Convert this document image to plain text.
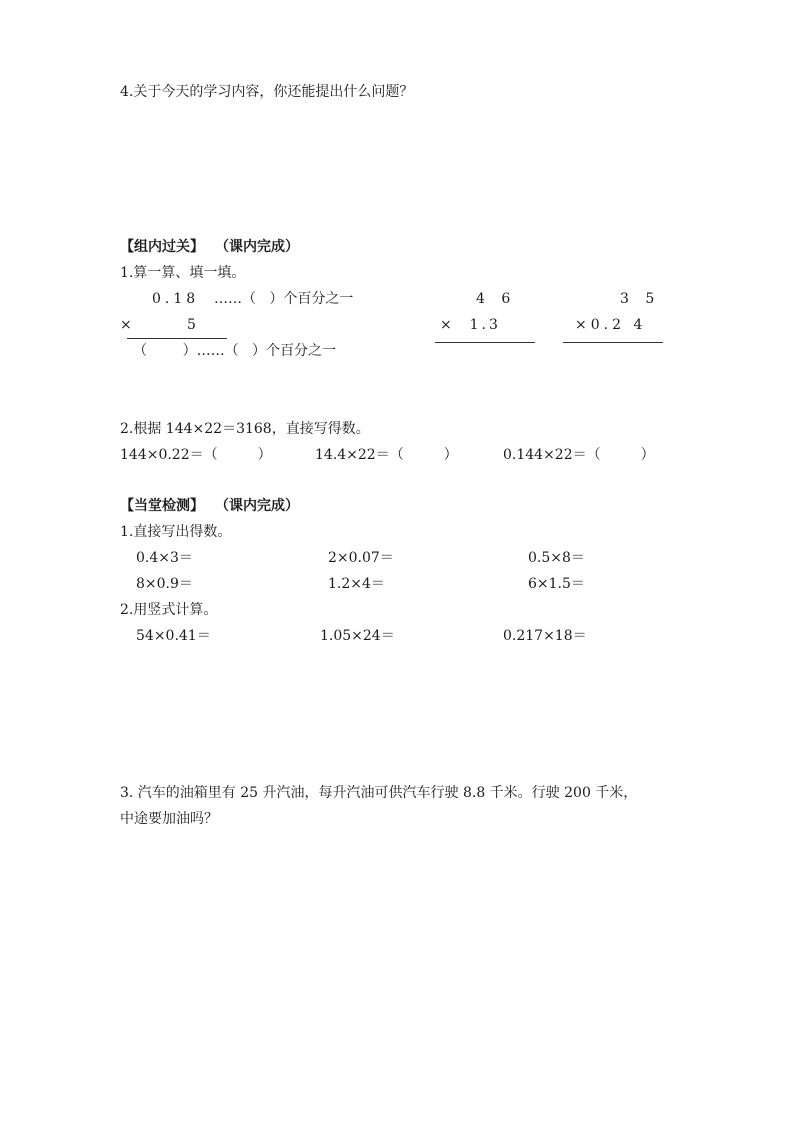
4.关于今天的学习内容，你还能提出什么问题？
【组内过关】 （课内完成）
1.算一算、填一填。
0.18 ……（   ）个百分之一
×	5
（        ）……（   ）个百分之一
4 6
×  1.3
3 5
×0.2 4
2.根据 144×22＝3168，直接写得数。
144×0.22＝（         ）	14.4×22＝（         ）	0.144×22＝（         ）
【当堂检测】 （课内完成）
1.直接写出得数。
0.4×3＝	2×0.07＝	0.5×8＝
8×0.9＝	1.2×4＝	6×1.5＝
2.用竖式计算。
54×0.41＝	1.05×24＝	0.217×18＝
3. 汽车的油箱里有 25 升汽油，每升汽油可供汽车行驶 8.8 千米。行驶 200 千米，
中途要加油吗？
